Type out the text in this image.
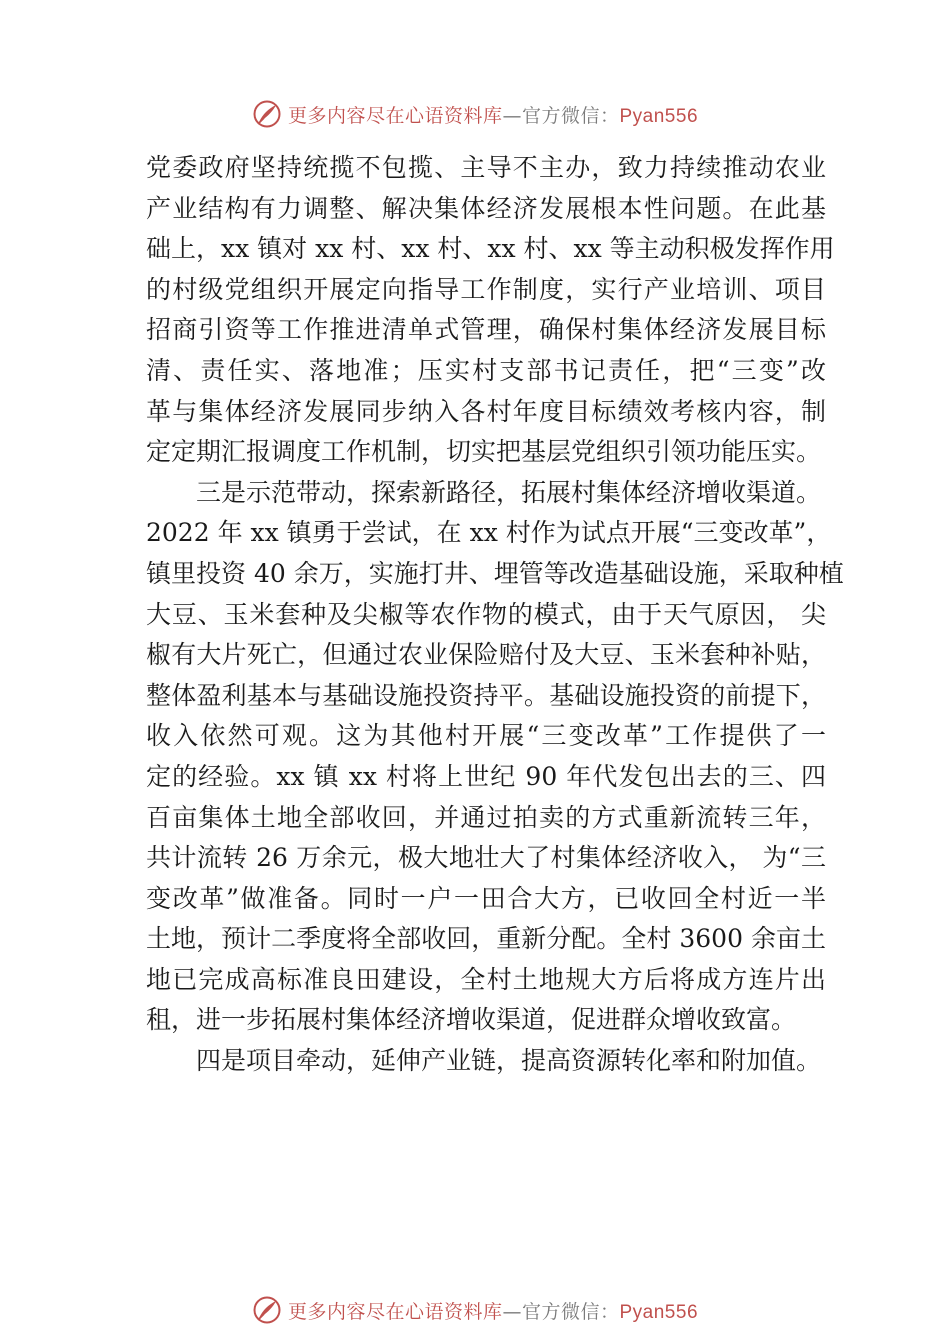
更多内容尽在心语资料库—官方微信：Pyan556
党委政府坚持统揽不包揽、主导不主办，致力持续推动农业
产业结构有力调整、解决集体经济发展根本性问题。在此基
础上，xx 镇对 xx 村、xx 村、xx 村、xx 等主动积极发挥作用
的村级党组织开展定向指导工作制度，实行产业培训、项目
招商引资等工作推进清单式管理，确保村集体经济发展目标
清、责任实、落地准；压实村支部书记责任，把“三变”改
革与集体经济发展同步纳入各村年度目标绩效考核内容，制
定定期汇报调度工作机制，切实把基层党组织引领功能压实。
三是示范带动，探索新路径，拓展村集体经济增收渠道。
2022 年 xx 镇勇于尝试，在 xx 村作为试点开展“三变改革”，
镇里投资 40 余万，实施打井、埋管等改造基础设施，采取种植
大豆、玉米套种及尖椒等农作物的模式，由于天气原因， 尖
椒有大片死亡，但通过农业保险赔付及大豆、玉米套种补贴，
整体盈利基本与基础设施投资持平。基础设施投资的前提下，
收入依然可观。这为其他村开展“三变改革”工作提供了一
定的经验。xx 镇 xx 村将上世纪 90 年代发包出去的三、四
百亩集体土地全部收回，并通过拍卖的方式重新流转三年，
共计流转 26 万余元，极大地壮大了村集体经济收入， 为“三
变改革”做准备。同时一户一田合大方，已收回全村近一半
土地，预计二季度将全部收回，重新分配。全村 3600 余亩土
地已完成高标准良田建设，全村土地规大方后将成方连片出
租，进一步拓展村集体经济增收渠道，促进群众增收致富。
四是项目牵动，延伸产业链，提高资源转化率和附加值。
更多内容尽在心语资料库—官方微信：Pyan556
